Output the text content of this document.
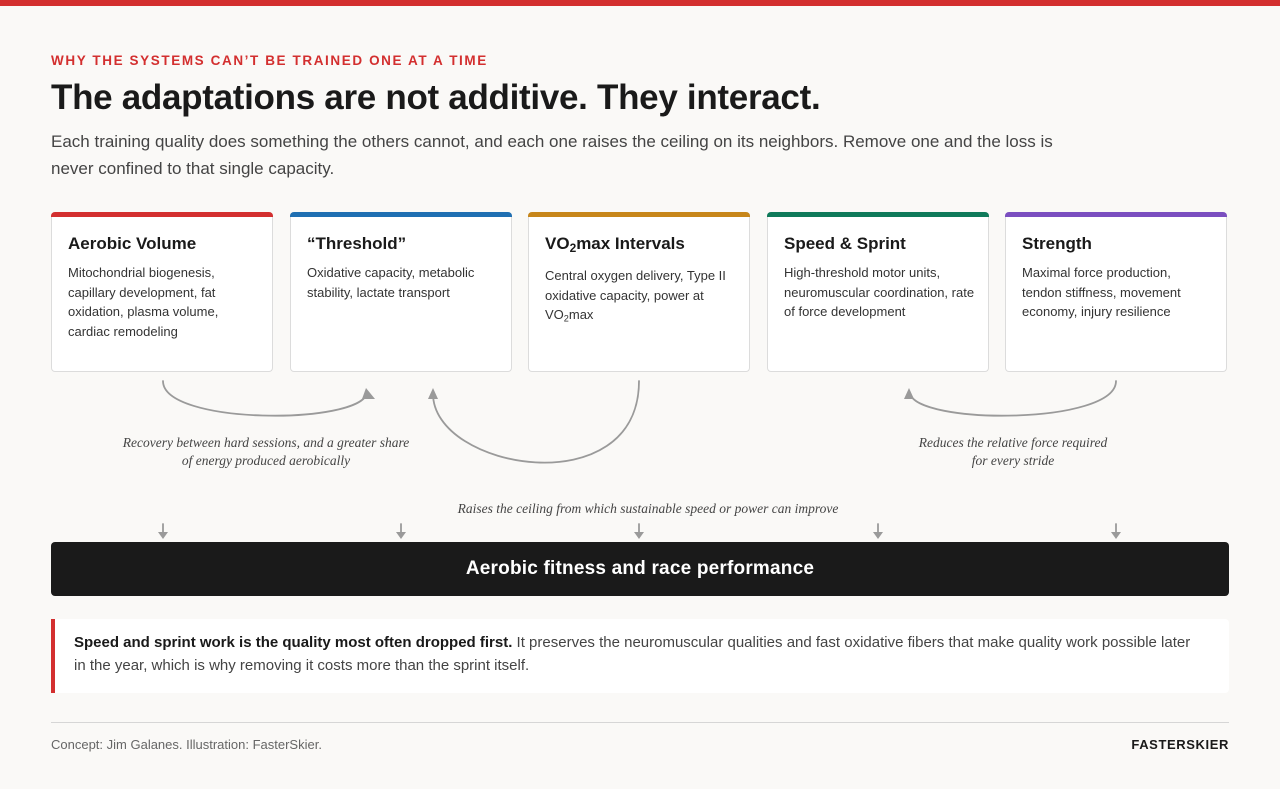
WHY THE SYSTEMS CAN’T BE TRAINED ONE AT A TIME
The adaptations are not additive. They interact.

Each training quality does something the others cannot, and each one raises the ceiling on its neighbors. Remove one and the loss is never confined to that single capacity.

Aerobic Volume

Mitochondrial biogenesis, capillary development, fat oxidation, plasma volume, cardiac remodeling

“Threshold”

Oxidative capacity, metabolic stability, lactate transport

$VO_2\max$ Intervals

Central oxygen delivery, Type II oxidative capacity, power at $VO_2\max$

Speed & Sprint

High-threshold motor units, neuromuscular coordination, rate of force development

Strength

Maximal force production, tendon stiffness, movement economy, injury resilience

Recovery between hard sessions, and a greater share of energy produced aerobically

Reduces the relative force required for every stride

Raises the ceiling from which sustainable speed or power can improve

Aerobic fitness and race performance

Speed and sprint work is the quality most often dropped first. It preserves the neuromuscular qualities and fast oxidative fibers that make quality work possible later in the year, which is why removing it costs more than the sprint itself.

Concept: Jim Galanes. Illustration: FasterSkier.	FASTERSKIER
